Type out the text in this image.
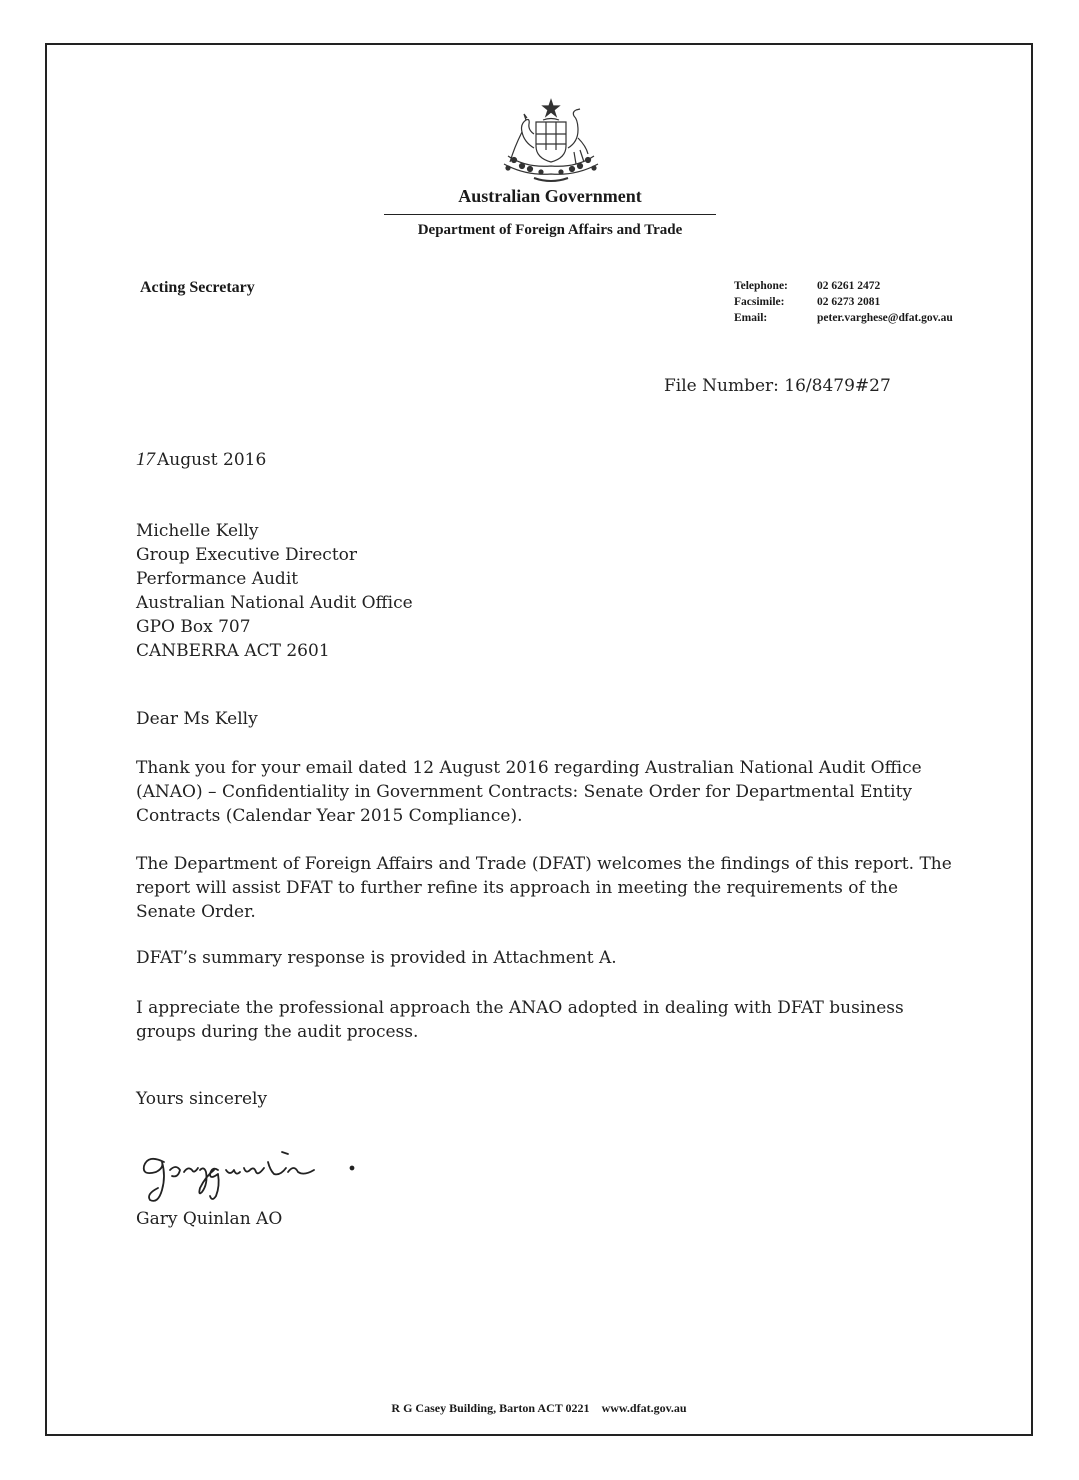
Australian Government
Department of Foreign Affairs and Trade
Acting Secretary	Telephone:	02 6261 2472
Facsimile:	02 6273 2081
Email:	peter.varghese@dfat.gov.au
File Number: 16/8479#27
17 August 2016
Michelle Kelly
Group Executive Director
Performance Audit
Australian National Audit Office
GPO Box 707
CANBERRA ACT 2601
Dear Ms Kelly

Thank you for your email dated 12 August 2016 regarding Australian National Audit Office (ANAO) – Confidentiality in Government Contracts: Senate Order for Departmental Entity Contracts (Calendar Year 2015 Compliance).

The Department of Foreign Affairs and Trade (DFAT) welcomes the findings of this report. The report will assist DFAT to further refine its approach in meeting the requirements of the Senate Order.

DFAT’s summary response is provided in Attachment A.

I appreciate the professional approach the ANAO adopted in dealing with DFAT business groups during the audit process.

Yours sincerely
Gary Quinlan AO
R G Casey Building, Barton ACT 0221 www.dfat.gov.au
